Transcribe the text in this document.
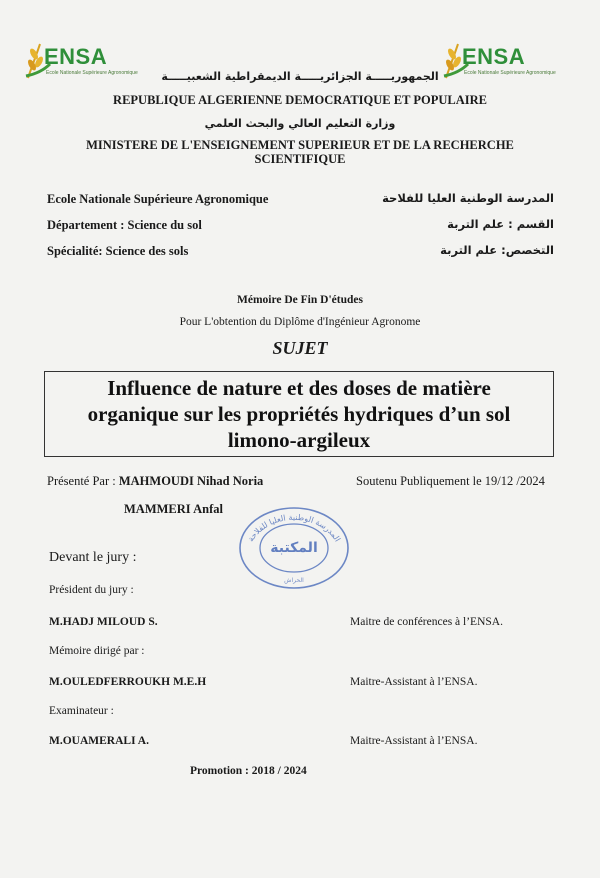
ENSA
Ecole Nationale Supérieure Agronomique
ENSA
Ecole Nationale Supérieure Agronomique
الجمهوريـــــة الجزائريـــــة الديمقراطية الشعبيـــــة
REPUBLIQUE ALGERIENNE DEMOCRATIQUE ET POPULAIRE
وزارة التعليم العالي والبحث العلمي
MINISTERE DE L'ENSEIGNEMENT SUPERIEUR ET DE LA RECHERCHE
SCIENTIFIQUE
Ecole Nationale Supérieure Agronomique	المدرسة الوطنية العليا للفلاحة
Département : Science du sol	القسم : علم التربة
Spécialité: Science des sols	التخصص: علم التربة
Mémoire De Fin D'études
Pour L'obtention du Diplôme d'Ingénieur Agronome
SUJET
Influence de nature et des doses de matière
organique sur les propriétés hydriques d’un sol
limono-argileux
Présenté Par : MAHMOUDI Nihad Noria	Soutenu Publiquement le 19/12 /2024
MAMMERI Anfal
المدرسة الوطنية العليا للفلاحة
المكتبة
الحراش
Devant le jury :
Président du jury :
M.HADJ MILOUD S.	Maitre de conférences à l’ENSA.
Mémoire dirigé par :
M.OULEDFERROUKH M.E.H	Maitre-Assistant à l’ENSA.
Examinateur :
M.OUAMERALI A.	Maitre-Assistant à l’ENSA.
Promotion : 2018 / 2024
